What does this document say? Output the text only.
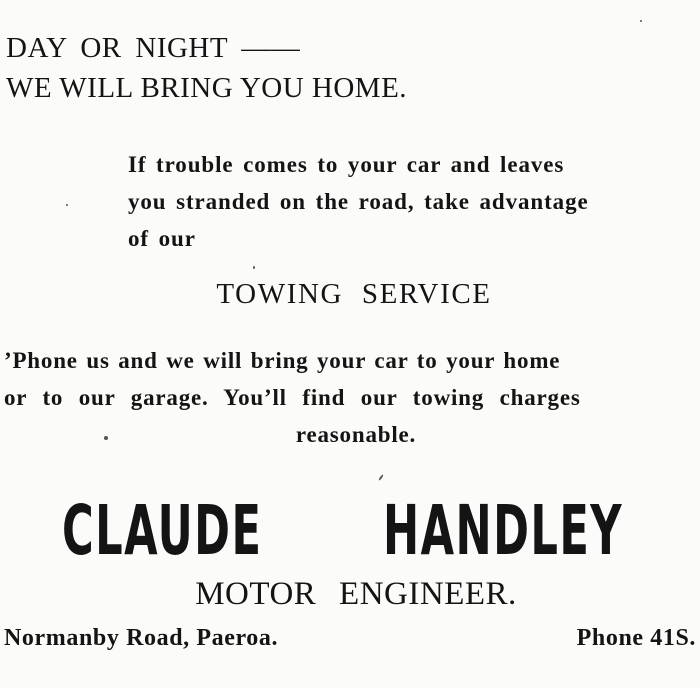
DAY OR NIGHT ——
WE WILL BRING YOU HOME.
If trouble comes to your car and leaves
you stranded on the road, take advantage
of our
TOWING SERVICE
’Phone us and we will bring your car to your home
or to our garage. You’ll find our towing charges
reasonable.
CLAUDE HANDLEY
MOTOR ENGINEER.
Normanby Road, Paeroa.	Phone 41S.
